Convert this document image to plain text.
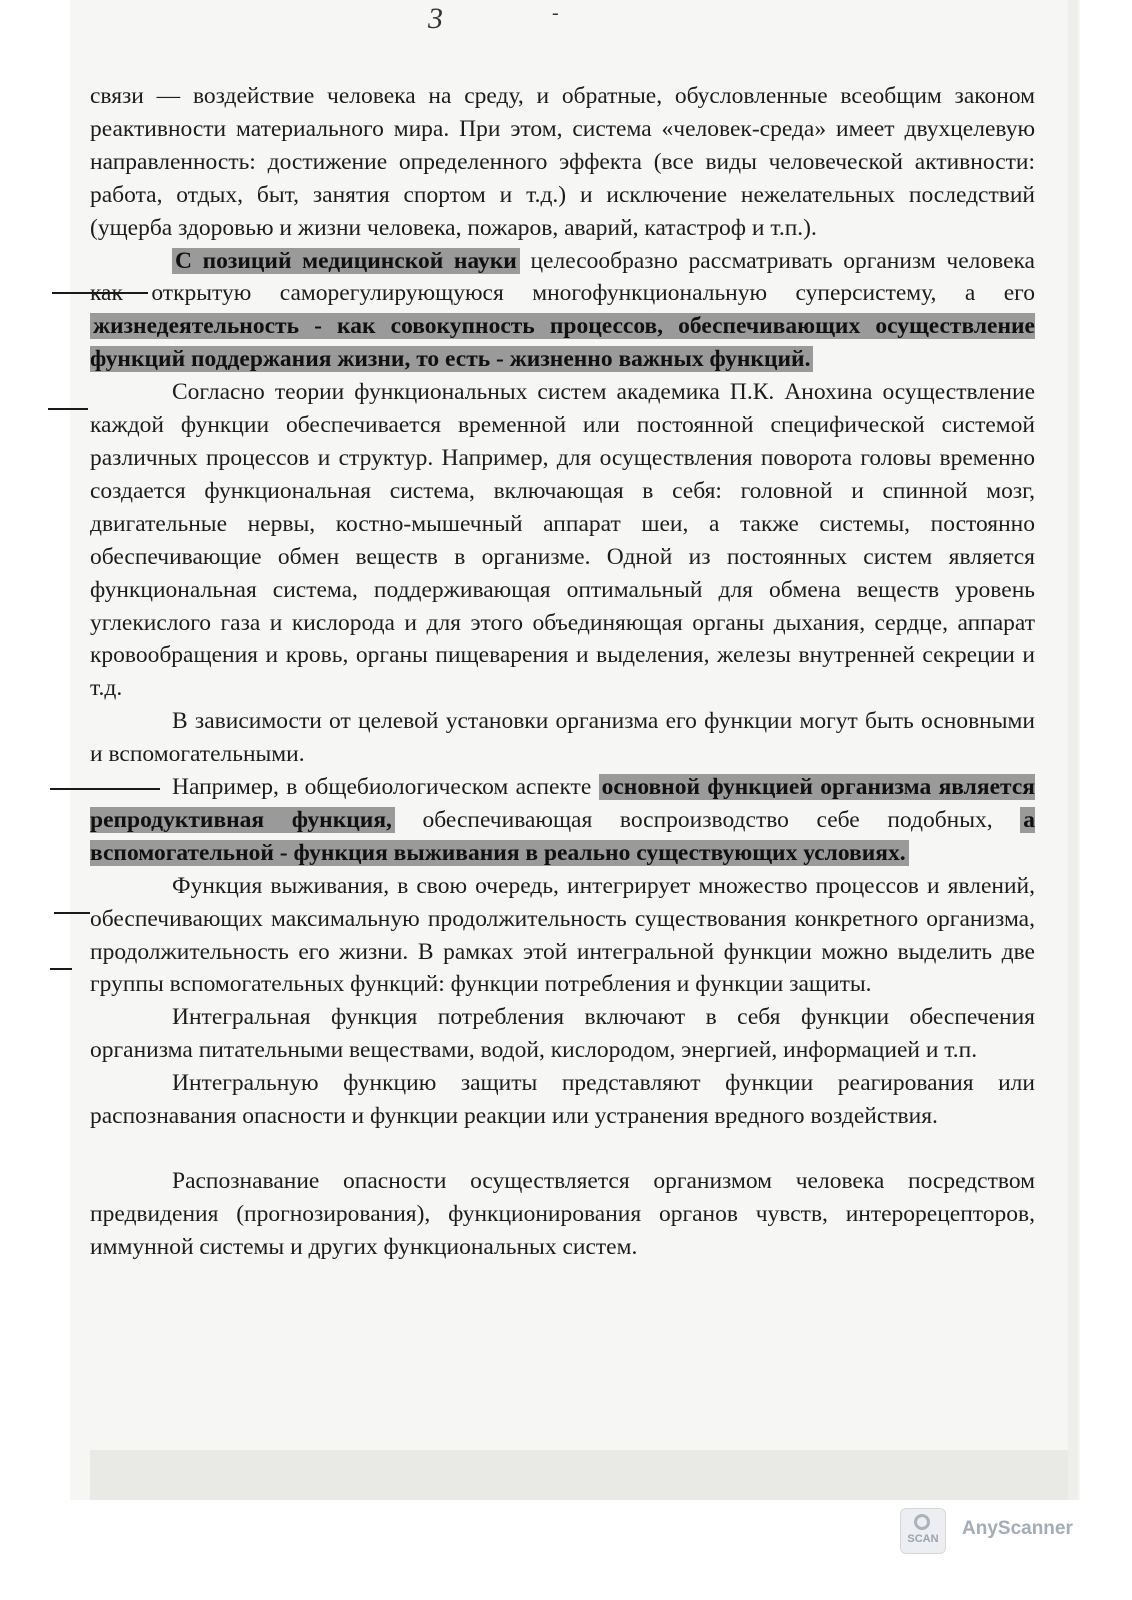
3	-

связи — воздействие человека на среду, и обратные, обусловленные всеобщим законом реактивности материального мира. При этом, система «человек-среда» имеет двухцелевую направленность: достижение определенного эффекта (все виды человеческой активности: работа, отдых, быт, занятия спортом и т.д.) и исключение нежелательных последствий (ущерба здоровью и жизни человека, пожаров, аварий, катастроф и т.п.).

С позиций медицинской науки целесообразно рассматривать организм человека как открытую саморегулирующуюся многофункциональную суперсистему, а его жизнедеятельность - как совокупность процессов, обеспечивающих осуществление функций поддержания жизни, то есть - жизненно важных функций.

Согласно теории функциональных систем академика П.К. Анохина осуществление каждой функции обеспечивается временной или постоянной специфической системой различных процессов и структур. Например, для осуществления поворота головы временно создается функциональная система, включающая в себя: головной и спинной мозг, двигательные нервы, костно-мышечный аппарат шеи, а также системы, постоянно обеспечивающие обмен веществ в организме. Одной из постоянных систем является функциональная система, поддерживающая оптимальный для обмена веществ уровень углекислого газа и кислорода и для этого объединяющая органы дыхания, сердце, аппарат кровообращения и кровь, органы пищеварения и выделения, железы внутренней секреции и т.д.

В зависимости от целевой установки организма его функции могут быть основными и вспомогательными.

Например, в общебиологическом аспекте основной функцией организма является репродуктивная функция, обеспечивающая воспроизводство себе подобных, а вспомогательной - функция выживания в реально существующих условиях.

Функция выживания, в свою очередь, интегрирует множество процессов и явлений, обеспечивающих максимальную продолжительность существования конкретного организма, продолжительность его жизни. В рамках этой интегральной функции можно выделить две группы вспомогательных функций: функции потребления и функции защиты.

Интегральная функция потребления включают в себя функции обеспечения организма питательными веществами, водой, кислородом, энергией, информацией и т.п.

Интегральную функцию защиты представляют функции реагирования или распознавания опасности и функции реакции или устранения вредного воздействия.

Распознавание опасности осуществляется организмом человека посредством предвидения (прогнозирования), функционирования органов чувств, интерорецепторов, иммунной системы и других функциональных систем.

SCAN AnyScanner
